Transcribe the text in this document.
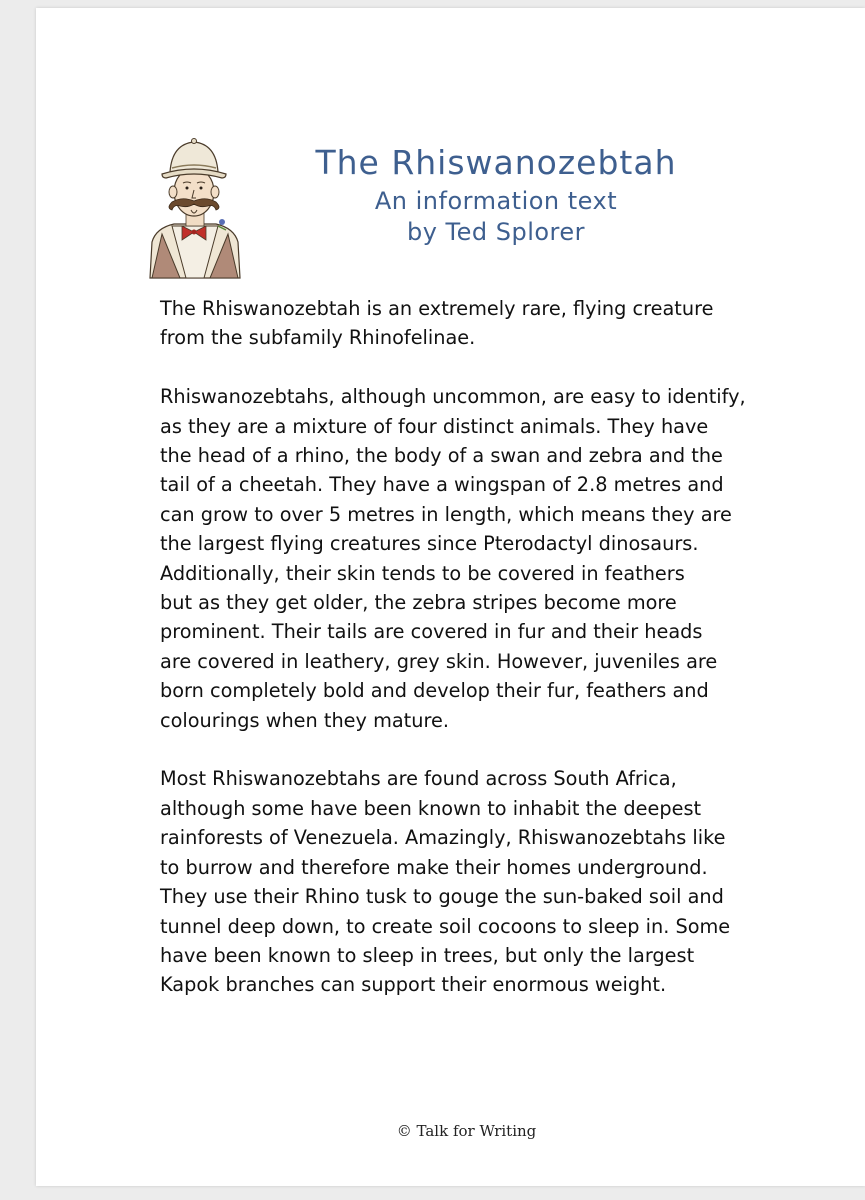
The Rhiswanozebtah
An information text
by Ted Splorer

The Rhiswanozebtah is an extremely rare, flying creature
from the subfamily Rhinofelinae.

Rhiswanozebtahs, although uncommon, are easy to identify,
as they are a mixture of four distinct animals. They have
the head of a rhino, the body of a swan and zebra and the
tail of a cheetah. They have a wingspan of 2.8 metres and
can grow to over 5 metres in length, which means they are
the largest flying creatures since Pterodactyl dinosaurs.
Additionally, their skin tends to be covered in feathers
but as they get older, the zebra stripes become more
prominent. Their tails are covered in fur and their heads
are covered in leathery, grey skin. However, juveniles are
born completely bold and develop their fur, feathers and
colourings when they mature.

Most Rhiswanozebtahs are found across South Africa,
although some have been known to inhabit the deepest
rainforests of Venezuela. Amazingly, Rhiswanozebtahs like
to burrow and therefore make their homes underground.
They use their Rhino tusk to gouge the sun-baked soil and
tunnel deep down, to create soil cocoons to sleep in. Some
have been known to sleep in trees, but only the largest
Kapok branches can support their enormous weight.

© Talk for Writing
